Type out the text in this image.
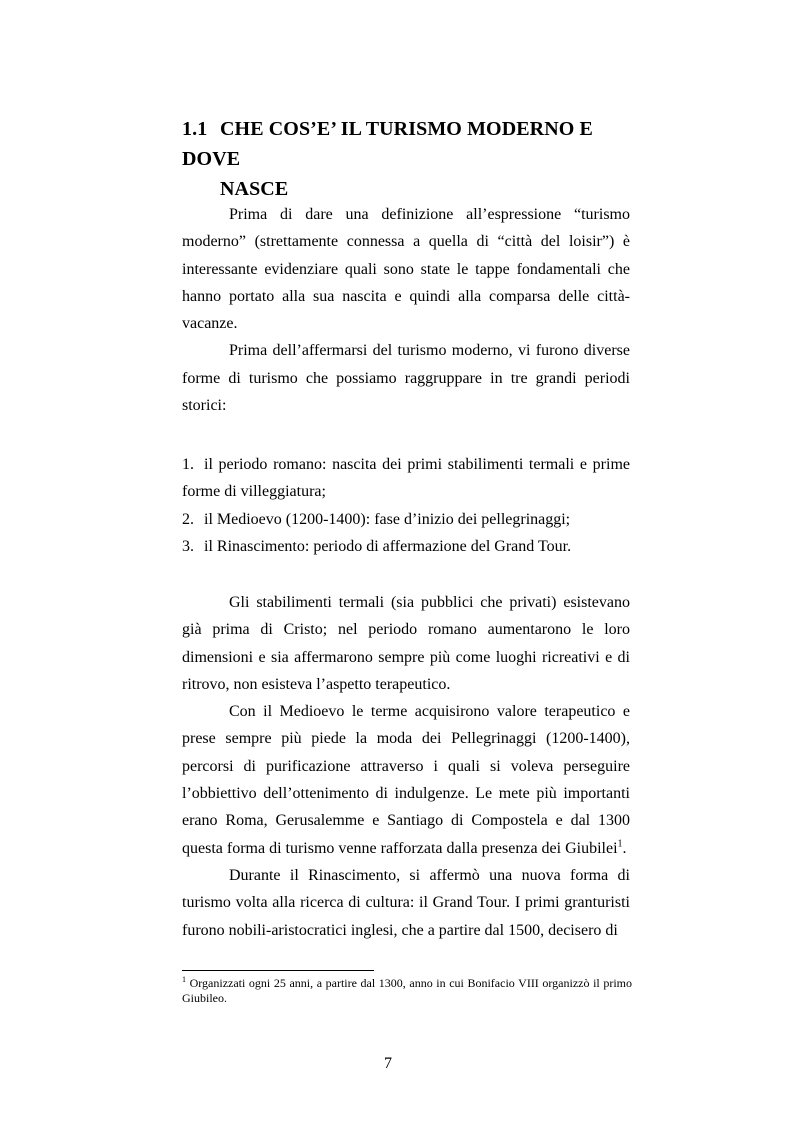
1.1 CHE COS’E’ IL TURISMO MODERNO E DOVE
NASCE

Prima di dare una definizione all’espressione “turismo moderno” (strettamente connessa a quella di “città del loisir”) è interessante evidenziare quali sono state le tappe fondamentali che hanno portato alla sua nascita e quindi alla comparsa delle città-vacanze.

Prima dell’affermarsi del turismo moderno, vi furono diverse forme di turismo che possiamo raggruppare in tre grandi periodi storici:

1. il periodo romano: nascita dei primi stabilimenti termali e prime forme di villeggiatura;
2. il Medioevo (1200-1400): fase d’inizio dei pellegrinaggi;
3. il Rinascimento: periodo di affermazione del Grand Tour.

Gli stabilimenti termali (sia pubblici che privati) esistevano già prima di Cristo; nel periodo romano aumentarono le loro dimensioni e sia affermarono sempre più come luoghi ricreativi e di ritrovo, non esisteva l’aspetto terapeutico.

Con il Medioevo le terme acquisirono valore terapeutico e prese sempre più piede la moda dei Pellegrinaggi (1200-1400), percorsi di purificazione attraverso i quali si voleva perseguire l’obbiettivo dell’ottenimento di indulgenze. Le mete più importanti erano Roma, Gerusalemme e Santiago di Compostela e dal 1300 questa forma di turismo venne rafforzata dalla presenza dei Giubilei$^1$.

Durante il Rinascimento, si affermò una nuova forma di turismo volta alla ricerca di cultura: il Grand Tour. I primi granturisti furono nobili-aristocratici inglesi, che a partire dal 1500, decisero di

$^1$ Organizzati ogni 25 anni, a partire dal 1300, anno in cui Bonifacio VIII organizzò il primo Giubileo.
7
